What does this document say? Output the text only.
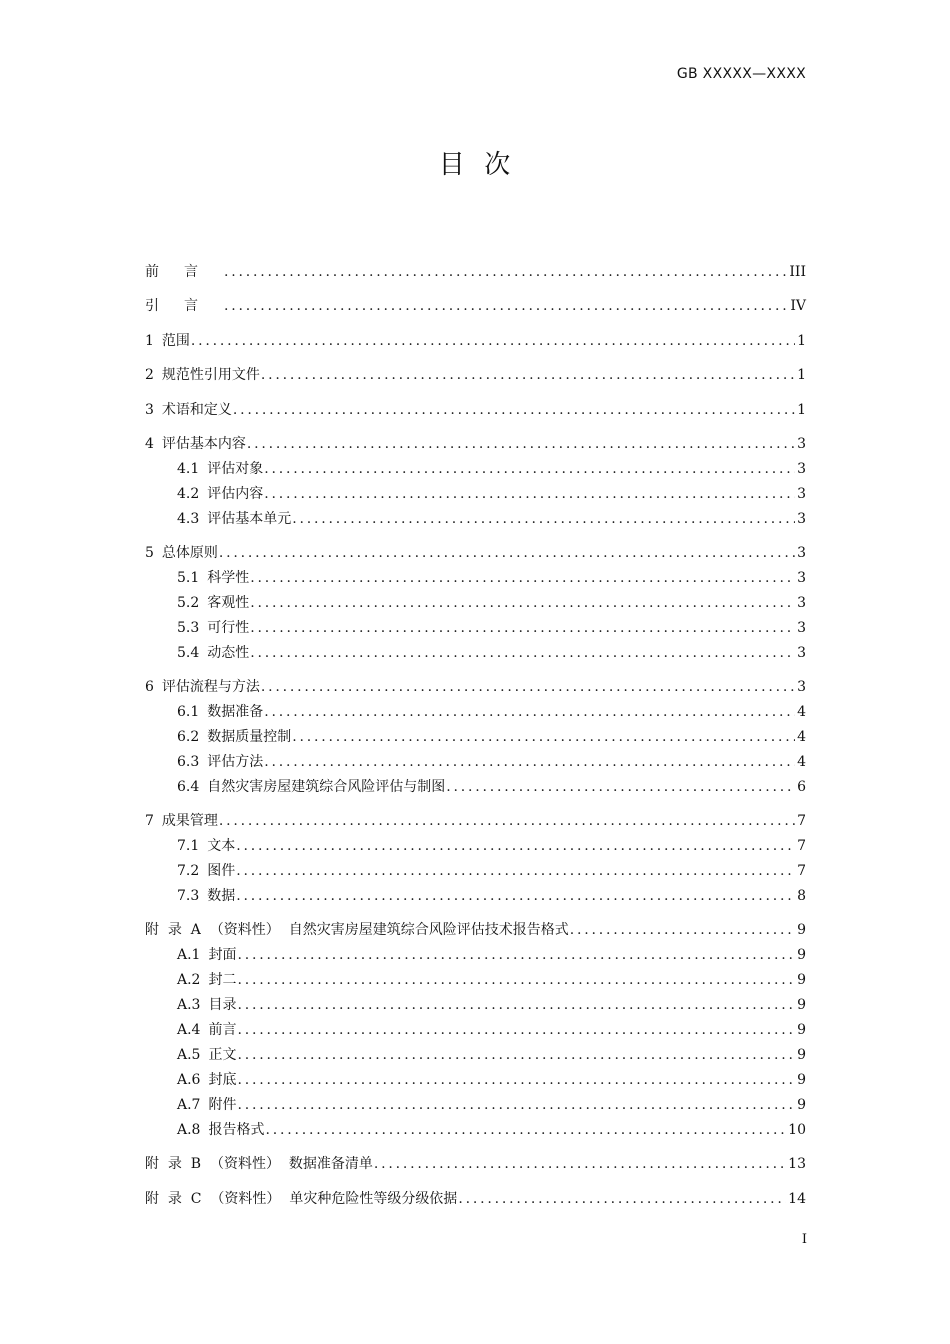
GB XXXXX—XXXX
目  次
前言 .....	III
引言 .....	IV
1 范围 .....	1
2 规范性引用文件 .....	1
3 术语和定义 .....	1
4 评估基本内容 .....	3
4.1 评估对象 .....	3
4.2 评估内容 .....	3
4.3 评估基本单元 .....	3
5 总体原则 .....	3
5.1 科学性 .....	3
5.2 客观性 .....	3
5.3 可行性 .....	3
5.4 动态性 .....	3
6 评估流程与方法 .....	3
6.1 数据准备 .....	4
6.2 数据质量控制 .....	4
6.3 评估方法 .....	4
6.4 自然灾害房屋建筑综合风险评估与制图 .....	6
7 成果管理 .....	7
7.1 文本 .....	7
7.2 图件 .....	7
7.3 数据 .....	8
附  录  A  （资料性）  自然灾害房屋建筑综合风险评估技术报告格式 .....	9
A.1 封面 .....	9
A.2 封二 .....	9
A.3 目录 .....	9
A.4 前言 .....	9
A.5 正文 .....	9
A.6 封底 .....	9
A.7 附件 .....	9
A.8 报告格式 .....	10
附  录  B  （资料性）  数据准备清单 .....	13
附  录  C  （资料性）  单灾种危险性等级分级依据 .....	14
I
